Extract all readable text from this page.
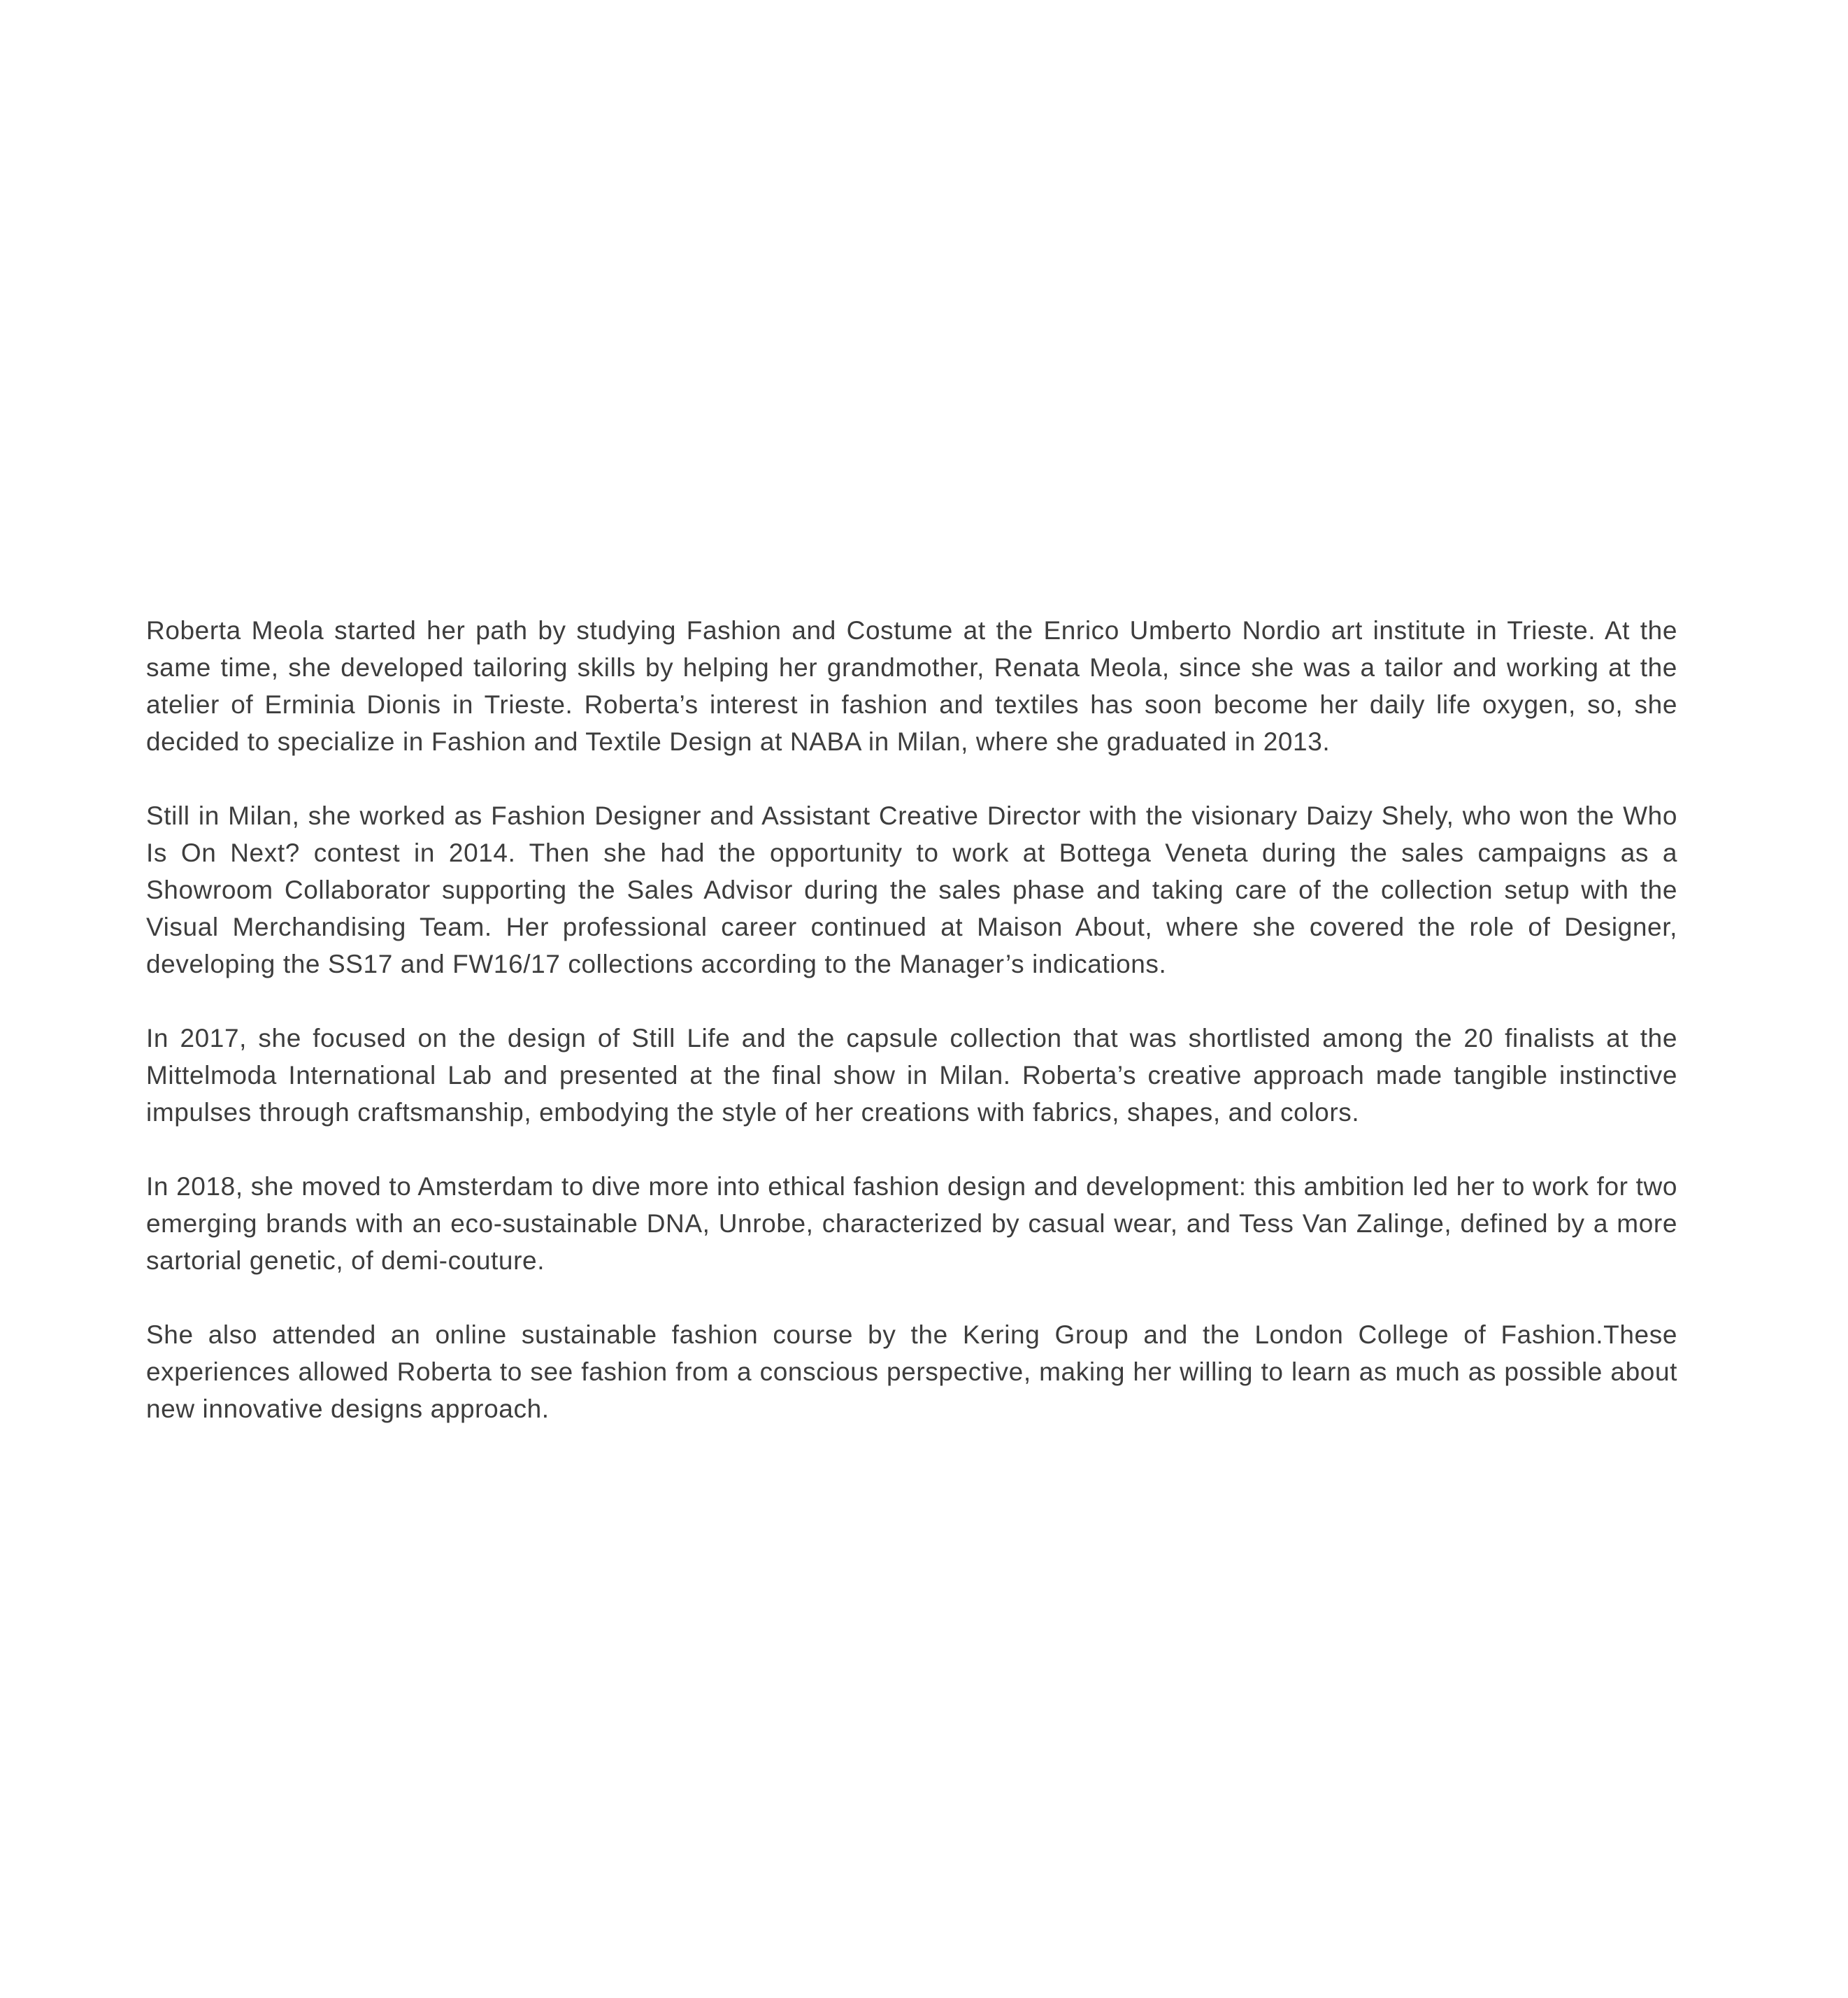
Roberta Meola started her path by studying Fashion and Costume at the Enrico Umberto Nordio art institute in Trieste. At the same time, she developed tailoring skills by helping her grandmother, Renata Meola, since she was a tailor and working at the atelier of Erminia Dionis in Trieste. Roberta’s interest in fashion and textiles has soon become her daily life oxygen, so, she decided to specialize in Fashion and Textile Design at NABA in Milan, where she graduated in 2013.

Still in Milan, she worked as Fashion Designer and Assistant Creative Director with the visionary Daizy Shely, who won the Who Is On Next? contest in 2014. Then she had the opportunity to work at Bottega Veneta during the sales campaigns as a Showroom Collaborator supporting the Sales Advisor during the sales phase and taking care of the collection setup with the Visual Merchandising Team. Her professional career continued at Maison About, where she covered the role of Designer, developing the SS17 and FW16/17 collections according to the Manager’s indications.

In 2017, she focused on the design of Still Life and the capsule collection that was shortlisted among the 20 finalists at the Mittelmoda International Lab and presented at the final show in Milan. Roberta’s creative approach made tangible instinctive impulses through craftsmanship, embodying the style of her creations with fabrics, shapes, and colors.

In 2018, she moved to Amsterdam to dive more into ethical fashion design and development: this ambition led her to work for two emerging brands with an eco-sustainable DNA, Unrobe, characterized by casual wear, and Tess Van Zalinge, defined by a more sartorial genetic, of demi-couture.

She also attended an online sustainable fashion course by the Kering Group and the London College of Fashion.These experiences allowed Roberta to see fashion from a conscious perspective, making her willing to learn as much as possible about new innovative designs approach.
